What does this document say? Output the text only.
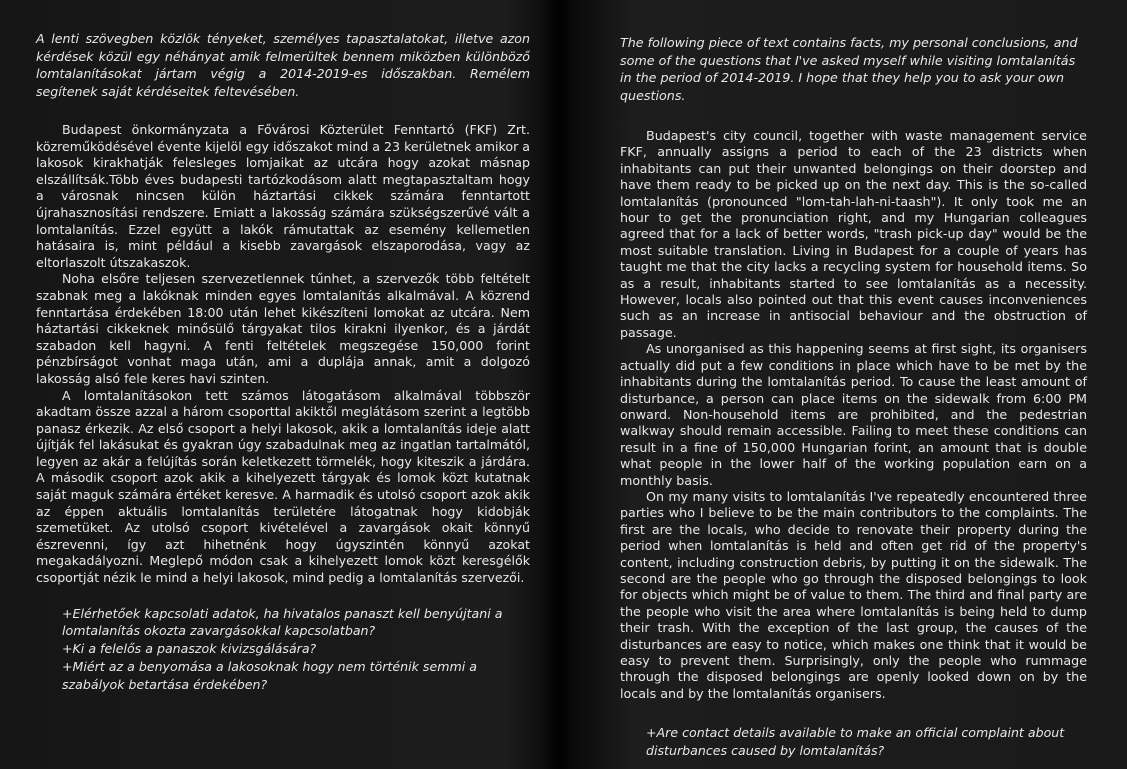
A lenti szövegben közlök tényeket, személyes tapasztalatokat, illetve azon kérdések közül egy néhányat amik felmerültek bennem miközben különböző lomtalanításokat jártam végig a 2014-2019-es időszakban. Remélem segítenek saját kérdéseitek feltevésében.

Budapest önkormányzata a Fővárosi Közterület Fenntartó (FKF) Zrt. közreműködésével évente kijelöl egy időszakot mind a 23 kerületnek amikor a lakosok kirakhatják felesleges lomjaikat az utcára hogy azokat másnap elszállítsák.Több éves budapesti tartózkodásom alatt megtapasztaltam hogy a városnak nincsen külön háztartási cikkek számára fenntartott újrahasznosítási rendszere. Emiatt a lakosság számára szükségszerűvé vált a lomtalanítás. Ezzel együtt a lakók rámutattak az esemény kellemetlen hatásaira is, mint például a kisebb zavargások elszaporodása, vagy az eltorlaszolt útszakaszok.

Noha elsőre teljesen szervezetlennek tűnhet, a szervezők több feltételt szabnak meg a lakóknak minden egyes lomtalanítás alkalmával. A közrend fenntartása érdekében 18:00 után lehet kikészíteni lomokat az utcára. Nem háztartási cikkeknek minősülő tárgyakat tilos kirakni ilyenkor, és a járdát szabadon kell hagyni. A fenti feltételek megszegése 150,000 forint pénzbírságot vonhat maga után, ami a duplája annak, amit a dolgozó lakosság alsó fele keres havi szinten.

A lomtalanításokon tett számos látogatásom alkalmával többször akadtam össze azzal a három csoporttal akiktől meglátásom szerint a legtöbb panasz érkezik. Az első csoport a helyi lakosok, akik a lomtalanítás ideje alatt újítják fel lakásukat és gyakran úgy szabadulnak meg az ingatlan tartalmától, legyen az akár a felújítás során keletkezett törmelék, hogy kiteszik a járdára. A második csoport azok akik a kihelyezett tárgyak és lomok közt kutatnak saját maguk számára értéket keresve. A harmadik és utolsó csoport azok akik az éppen aktuális lomtalanítás területére látogatnak hogy kidobják szemetüket. Az utolsó csoport kivételével a zavargások okait könnyű észrevenni, így azt hihetnénk hogy úgyszintén könnyű azokat megakadályozni. Meglepő módon csak a kihelyezett lomok közt keresgélők csoportját nézik le mind a helyi lakosok, mind pedig a lomtalanítás szervezői.

+Elérhetőek kapcsolati adatok, ha hivatalos panaszt kell benyújtani a lomtalanítás okozta zavargásokkal kapcsolatban?
+Ki a felelős a panaszok kivizsgálására?
+Miért az a benyomása a lakosoknak hogy nem történik semmi a szabályok betartása érdekében?

The following piece of text contains facts, my personal conclusions, and some of the questions that I've asked myself while visiting lomtalanítás in the period of 2014-2019. I hope that they help you to ask your own questions.

Budapest's city council, together with waste management service FKF, annually assigns a period to each of the 23 districts when inhabitants can put their unwanted belongings on their doorstep and have them ready to be picked up on the next day. This is the so-called lomtalanítás (pronounced "lom-tah-lah-ni-taash"). It only took me an hour to get the pronunciation right, and my Hungarian colleagues agreed that for a lack of better words, "trash pick-up day" would be the most suitable translation. Living in Budapest for a couple of years has taught me that the city lacks a recycling system for household items. So as a result, inhabitants started to see lomtalanítás as a necessity. However, locals also pointed out that this event causes inconveniences such as an increase in antisocial behaviour and the obstruction of passage.

As unorganised as this happening seems at first sight, its organisers actually did put a few conditions in place which have to be met by the inhabitants during the lomtalanítás period. To cause the least amount of disturbance, a person can place items on the sidewalk from 6:00 PM onward. Non-household items are prohibited, and the pedestrian walkway should remain accessible. Failing to meet these conditions can result in a fine of 150,000 Hungarian forint, an amount that is double what people in the lower half of the working population earn on a monthly basis.

On my many visits to lomtalanítás I've repeatedly encountered three parties who I believe to be the main contributors to the complaints. The first are the locals, who decide to renovate their property during the period when lomtalanítás is held and often get rid of the property's content, including construction debris, by putting it on the sidewalk. The second are the people who go through the disposed belongings to look for objects which might be of value to them. The third and final party are the people who visit the area where lomtalanítás is being held to dump their trash. With the exception of the last group, the causes of the disturbances are easy to notice, which makes one think that it would be easy to prevent them. Surprisingly, only the people who rummage through the disposed belongings are openly looked down on by the locals and by the lomtalanítás organisers.

+Are contact details available to make an official complaint about disturbances caused by lomtalanítás?
